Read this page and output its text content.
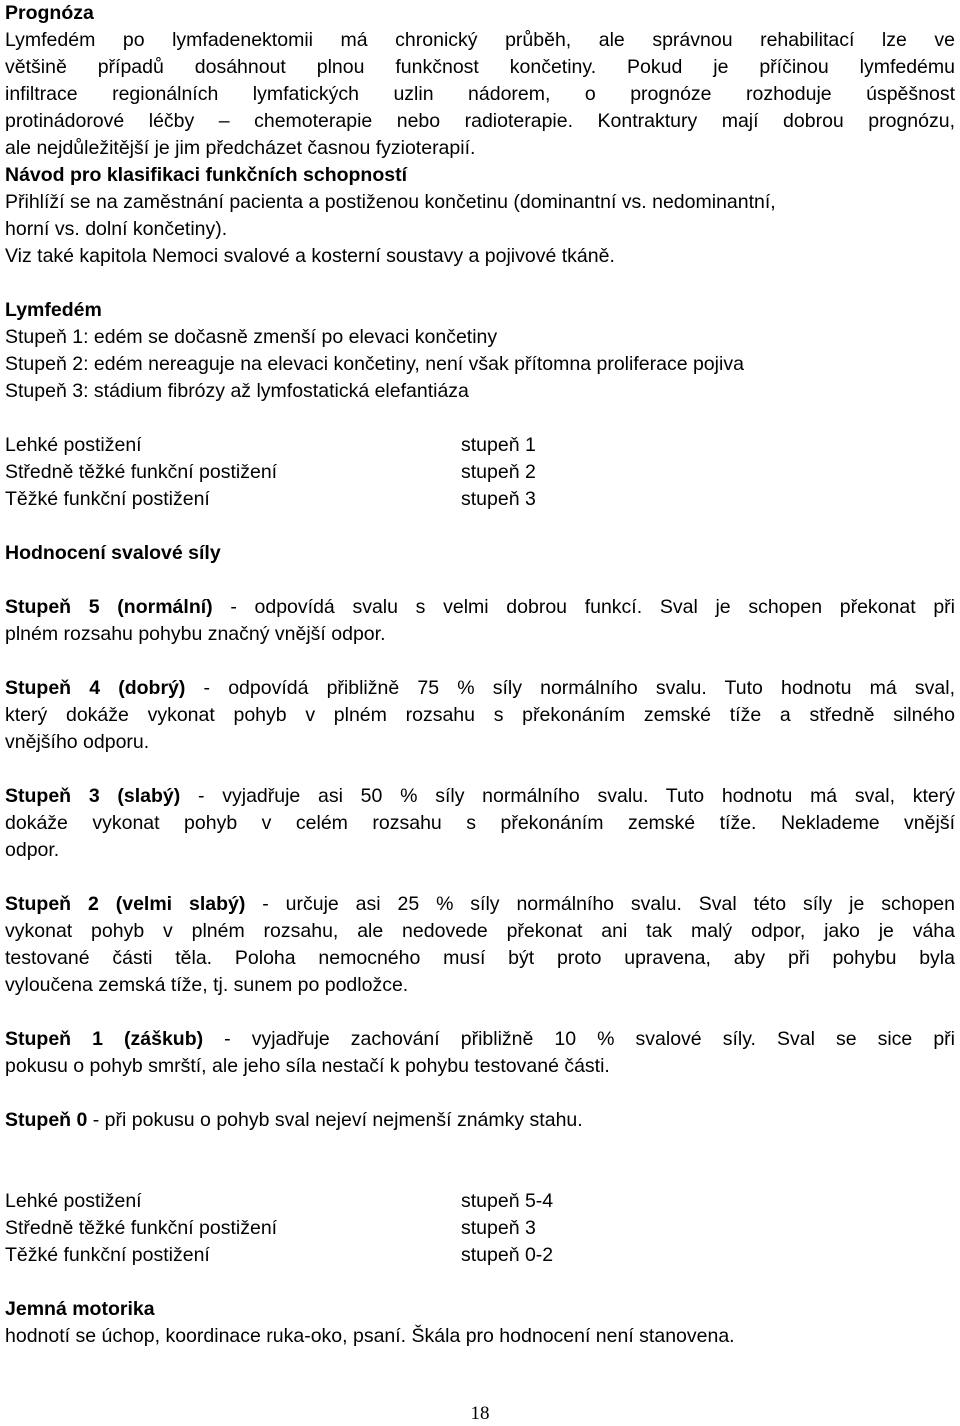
Prognóza
Lymfedém po lymfadenektomii má chronický průběh, ale správnou rehabilitací lze ve
většině případů dosáhnout plnou funkčnost končetiny. Pokud je příčinou lymfedému
infiltrace regionálních lymfatických uzlin nádorem, o prognóze rozhoduje úspěšnost
protinádorové léčby – chemoterapie nebo radioterapie. Kontraktury mají dobrou prognózu,
ale nejdůležitější je jim předcházet časnou fyzioterapií.
Návod pro klasifikaci funkčních schopností
Přihlíží se na zaměstnání pacienta a postiženou končetinu (dominantní vs. nedominantní,
horní vs. dolní končetiny).
Viz také kapitola Nemoci svalové a kosterní soustavy a pojivové tkáně.
Lymfedém
Stupeň 1: edém se dočasně zmenší po elevaci končetiny
Stupeň 2: edém nereaguje na elevaci končetiny, není však přítomna proliferace pojiva
Stupeň 3: stádium fibrózy až lymfostatická elefantiáza
Lehké postižení	stupeň 1
Středně těžké funkční postižení	stupeň 2
Těžké funkční postižení	stupeň 3
Hodnocení svalové síly
Stupeň 5 (normální) - odpovídá svalu s velmi dobrou funkcí. Sval je schopen překonat při
plném rozsahu pohybu značný vnější odpor.
Stupeň 4 (dobrý) - odpovídá přibližně 75 % síly normálního svalu. Tuto hodnotu má sval,
který dokáže vykonat pohyb v plném rozsahu s překonáním zemské tíže a středně silného
vnějšího odporu.
Stupeň 3 (slabý) - vyjadřuje asi 50 % síly normálního svalu. Tuto hodnotu má sval, který
dokáže vykonat pohyb v celém rozsahu s překonáním zemské tíže. Neklademe vnější
odpor.
Stupeň 2 (velmi slabý) - určuje asi 25 % síly normálního svalu. Sval této síly je schopen
vykonat pohyb v plném rozsahu, ale nedovede překonat ani tak malý odpor, jako je váha
testované části těla. Poloha nemocného musí být proto upravena, aby při pohybu byla
vyloučena zemská tíže, tj. sunem po podložce.
Stupeň 1 (záškub) - vyjadřuje zachování přibližně 10 % svalové síly. Sval se sice při
pokusu o pohyb smrští, ale jeho síla nestačí k pohybu testované části.
Stupeň 0 - při pokusu o pohyb sval nejeví nejmenší známky stahu.
Lehké postižení	stupeň 5-4
Středně těžké funkční postižení	stupeň 3
Těžké funkční postižení	stupeň 0-2
Jemná motorika
hodnotí se úchop, koordinace ruka-oko, psaní. Škála pro hodnocení není stanovena.
18
